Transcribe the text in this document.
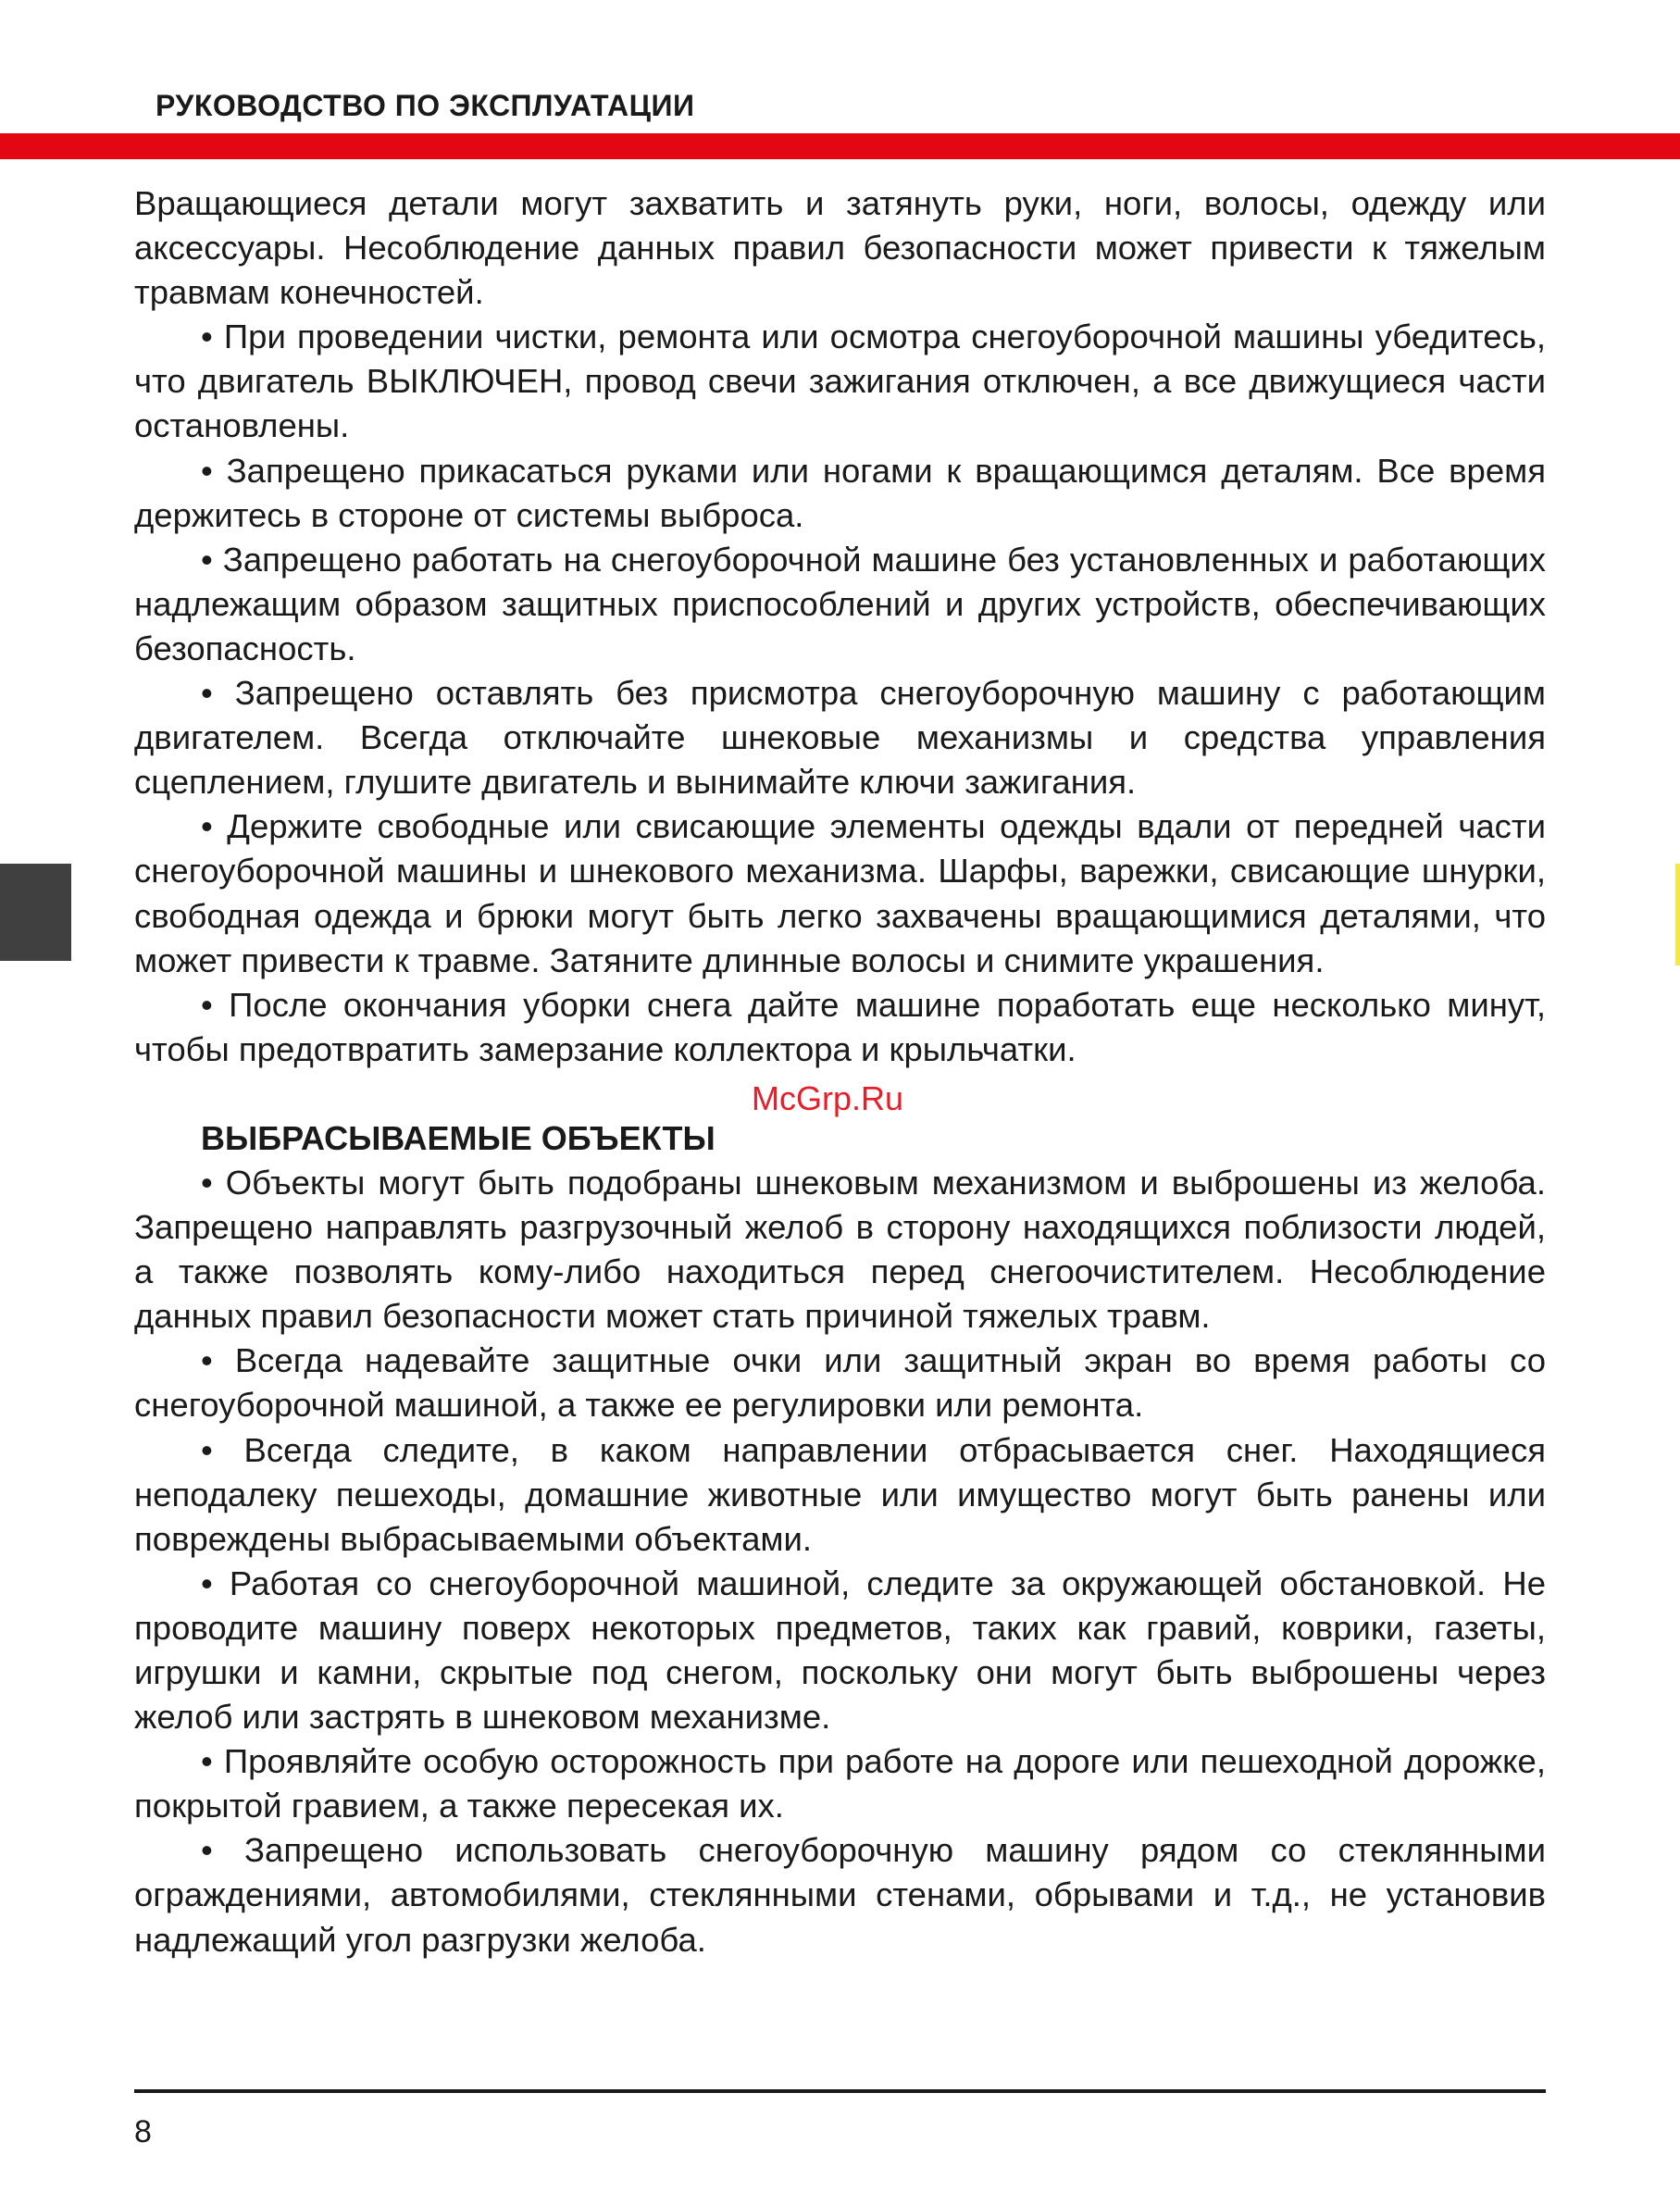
РУКОВОДСТВО ПО ЭКСПЛУАТАЦИИ

Вращающиеся детали могут захватить и затянуть руки, ноги, волосы, одежду или аксессуары. Несоблюдение данных правил безопасности может привести к тяжелым травмам конечностей.

• При проведении чистки, ремонта или осмотра снегоуборочной машины убедитесь, что двигатель ВЫКЛЮЧЕН, провод свечи зажигания отключен, а все движущиеся части остановлены.

• Запрещено прикасаться руками или ногами к вращающимся деталям. Все время держитесь в стороне от системы выброса.

• Запрещено работать на снегоуборочной машине без установленных и работающих надлежащим образом защитных приспособлений и других устройств, обеспечивающих безопасность.

• Запрещено оставлять без присмотра снегоуборочную машину с работающим двигателем. Всегда отключайте шнековые механизмы и средства управления сцеплением, глушите двигатель и вынимайте ключи зажигания.

• Держите свободные или свисающие элементы одежды вдали от передней части снегоуборочной машины и шнекового механизма. Шарфы, варежки, свисающие шнурки, свободная одежда и брюки могут быть легко захвачены вращающимися деталями, что может привести к травме. Затяните длинные волосы и снимите украшения.

• После окончания уборки снега дайте машине поработать еще несколько минут, чтобы предотвратить замерзание коллектора и крыльчатки.

ВЫБРАСЫВАЕМЫЕ ОБЪЕКТЫ

• Объекты могут быть подобраны шнековым механизмом и выброшены из желоба. Запрещено направлять разгрузочный желоб в сторону находящихся поблизости людей, а также позволять кому-либо находиться перед снегоочистителем. Несоблюдение данных правил безопасности может стать причиной тяжелых травм.

• Всегда надевайте защитные очки или защитный экран во время работы со снегоуборочной машиной, а также ее регулировки или ремонта.

• Всегда следите, в каком направлении отбрасывается снег. Находящиеся неподалеку пешеходы, домашние животные или имущество могут быть ранены или повреждены выбрасываемыми объектами.

• Работая со снегоуборочной машиной, следите за окружающей обстановкой. Не проводите машину поверх некоторых предметов, таких как гравий, коврики, газеты, игрушки и камни, скрытые под снегом, поскольку они могут быть выброшены через желоб или застрять в шнековом механизме.

• Проявляйте особую осторожность при работе на дороге или пешеходной дорожке, покрытой гравием, а также пересекая их.

• Запрещено использовать снегоуборочную машину рядом со стеклянными ограждениями, автомобилями, стеклянными стенами, обрывами и т.д., не установив надлежащий угол разгрузки желоба.

McGrp.Ru
8
